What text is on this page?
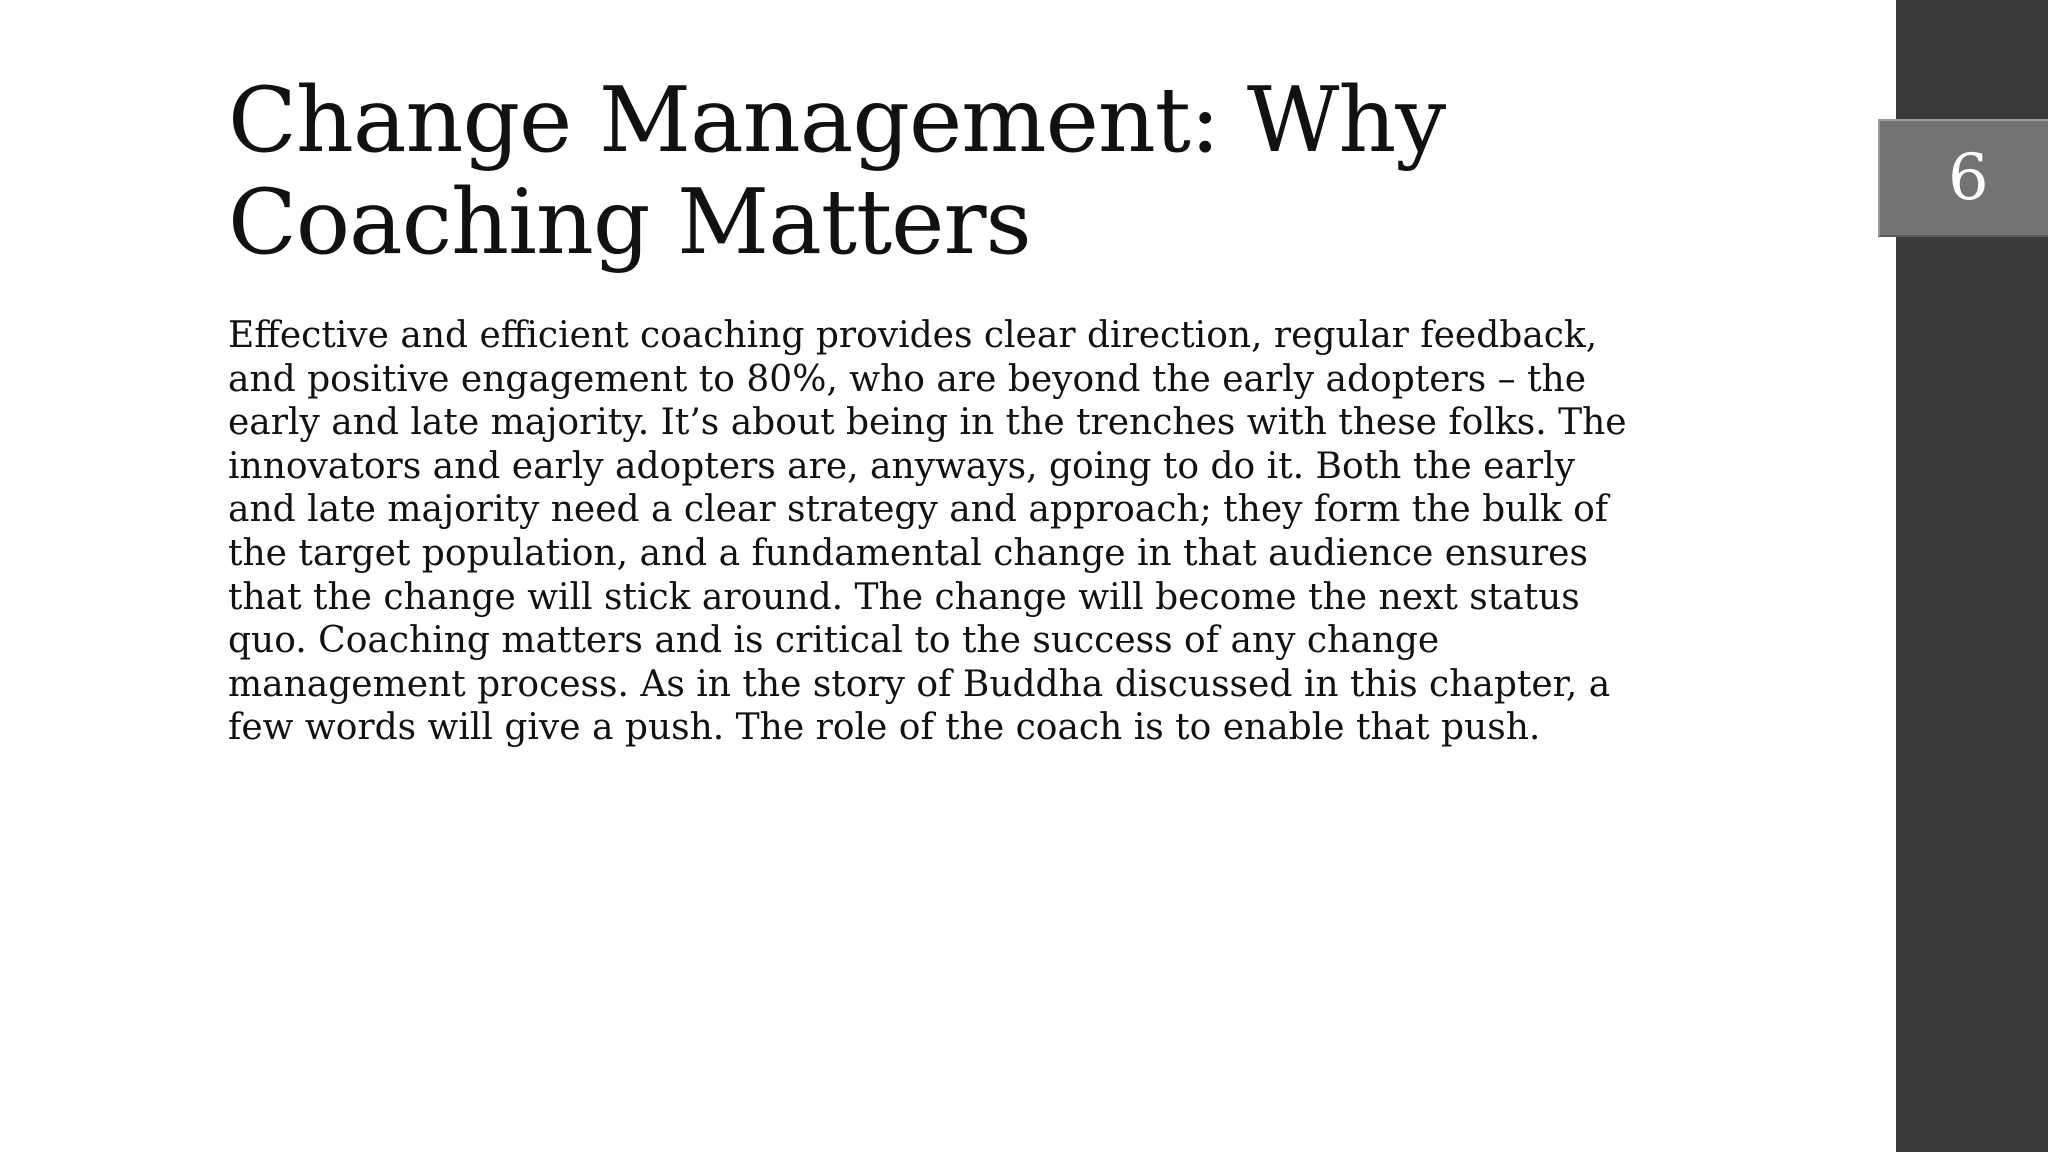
Change Management: Why Coaching Matters

Effective and efficient coaching provides clear direction, regular feedback, and positive engagement to 80%, who are beyond the early adopters – the early and late majority. It’s about being in the trenches with these folks. The innovators and early adopters are, anyways, going to do it. Both the early and late majority need a clear strategy and approach; they form the bulk of the target population, and a fundamental change in that audience ensures that the change will stick around. The change will become the next status quo. Coaching matters and is critical to the success of any change management process. As in the story of Buddha discussed in this chapter, a few words will give a push. The role of the coach is to enable that push.

6
